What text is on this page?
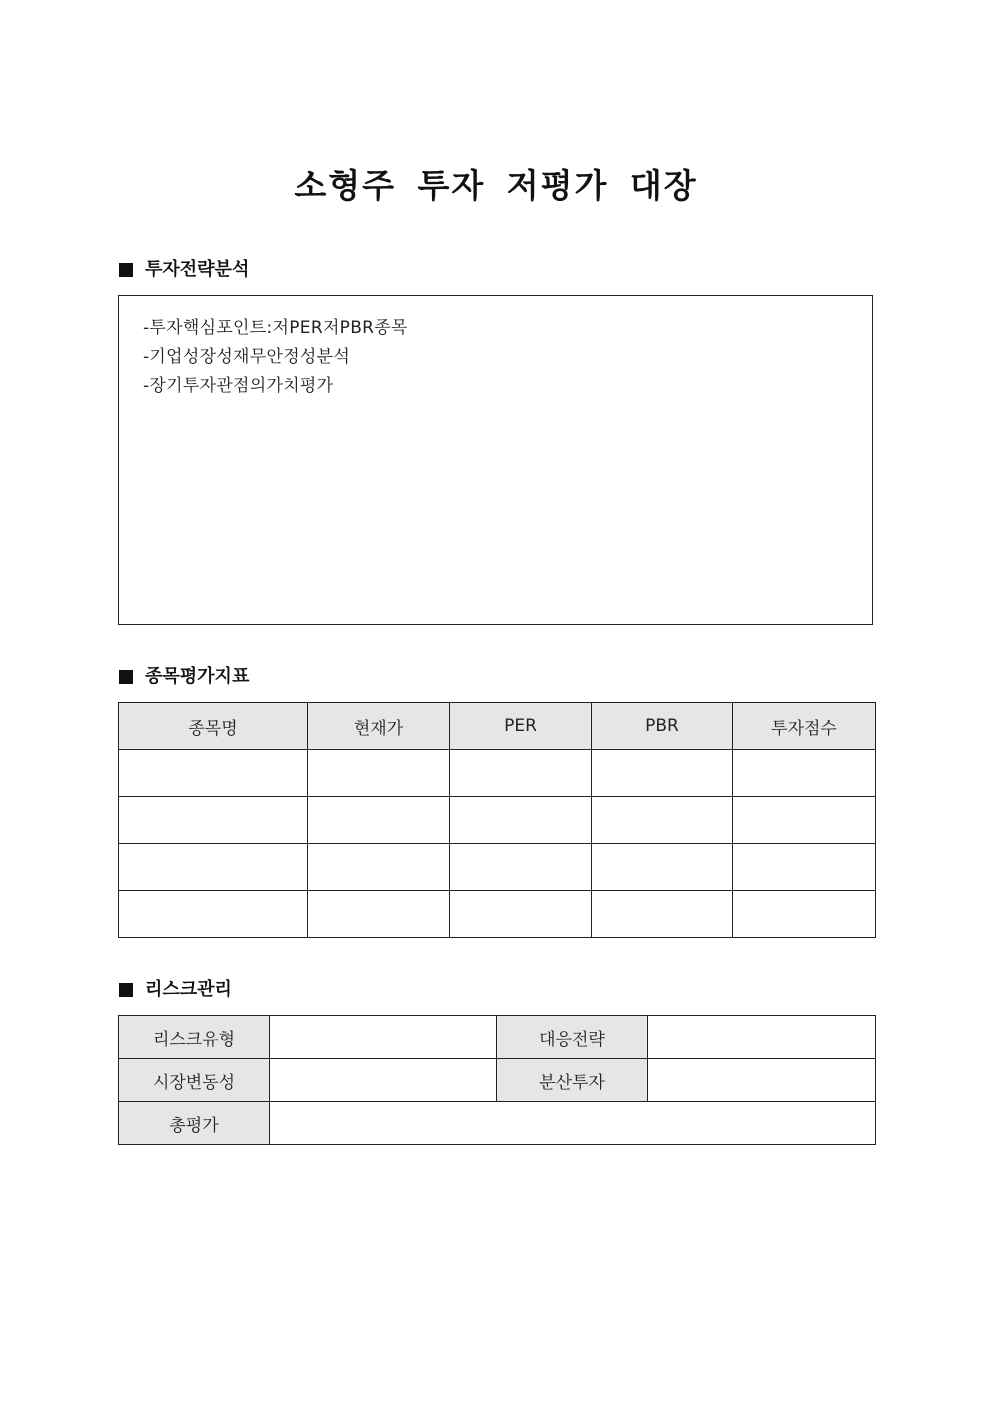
소형주 투자 저평가 대장
투자전략분석
-투자핵심포인트:저PER저PBR종목
-기업성장성재무안정성분석
-장기투자관점의가치평가
종목평가지표
종목명	현재가	PER	PBR	투자점수

리스크관리
리스크유형		대응전략	
시장변동성		분산투자	
총평가			
